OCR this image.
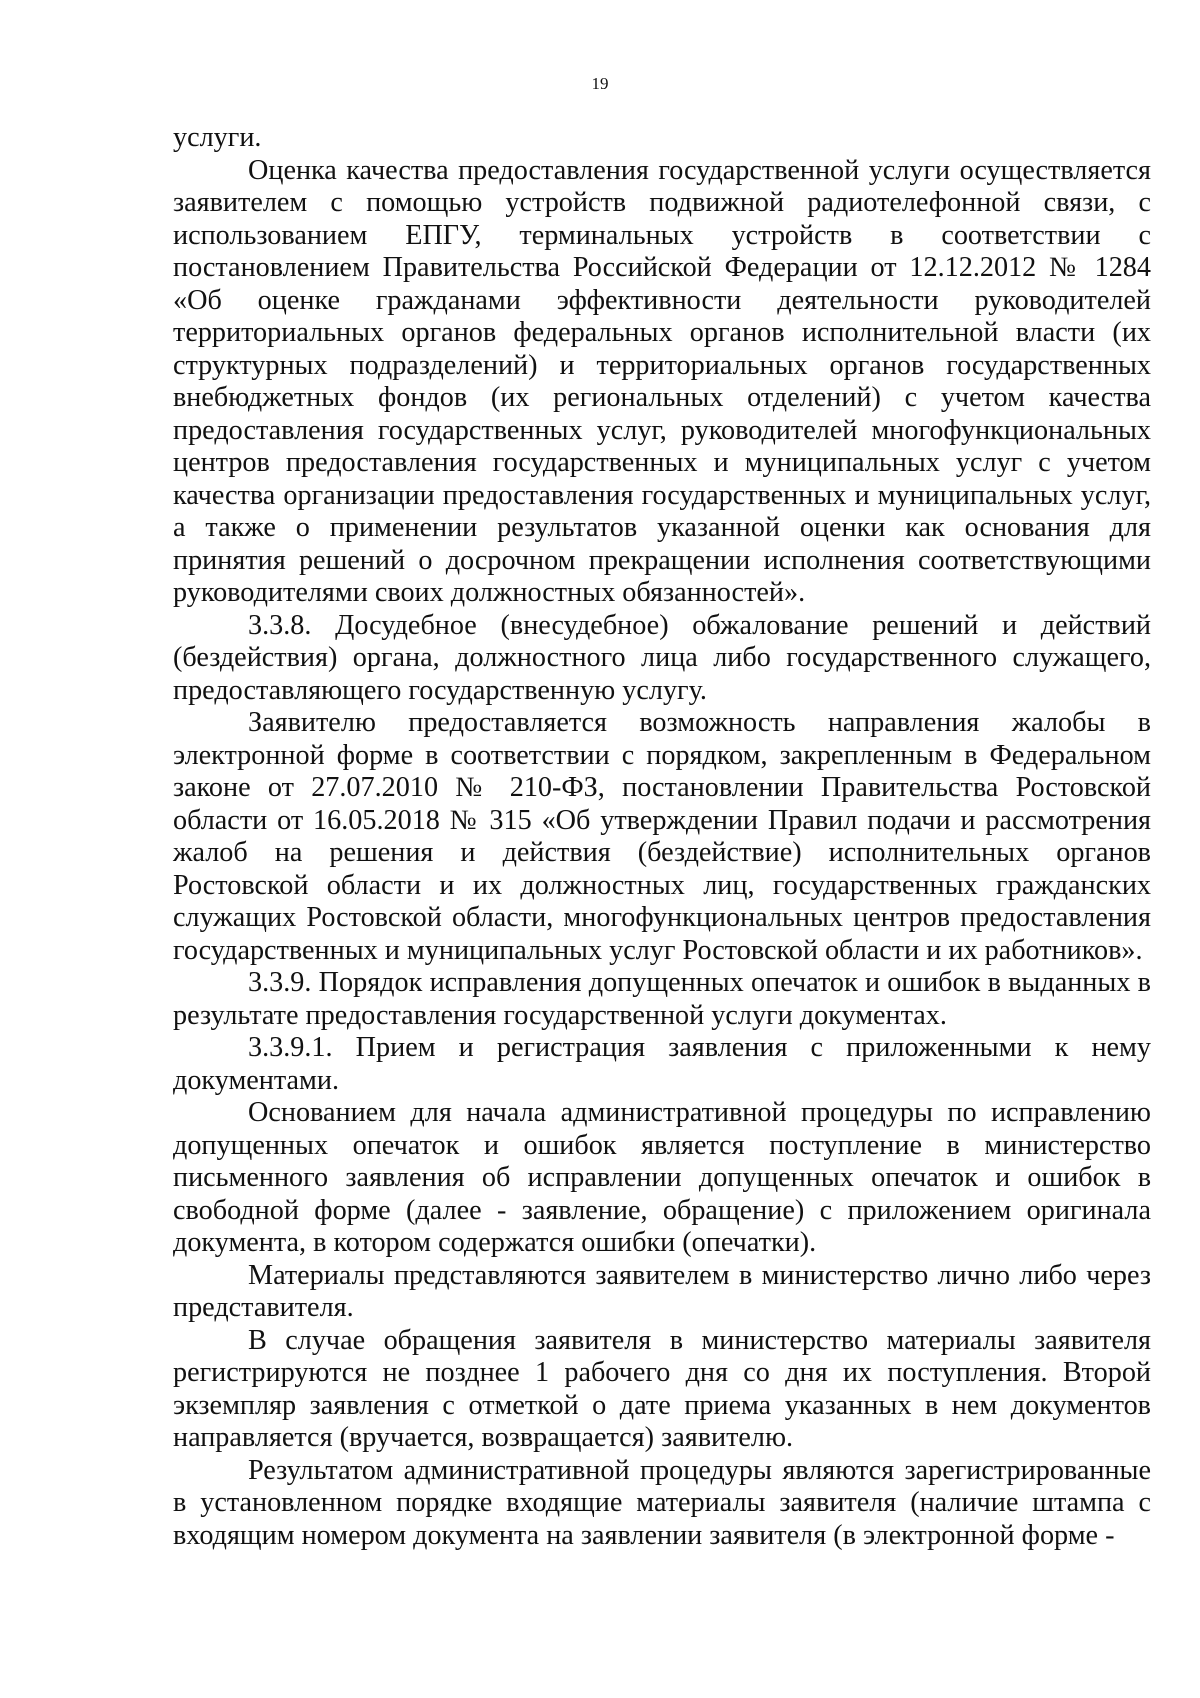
19

услуги.

Оценка качества предоставления государственной услуги осуществляется заявителем с помощью устройств подвижной радиотелефонной связи, с использованием ЕПГУ, терминальных устройств в соответствии с постановлением Правительства Российской Федерации от 12.12.2012 № 1284 «Об оценке гражданами эффективности деятельности руководителей территориальных органов федеральных органов исполнительной власти (их структурных подразделений) и территориальных органов государственных внебюджетных фондов (их региональных отделений) с учетом качества предоставления государственных услуг, руководителей многофункциональных центров предоставления государственных и муниципальных услуг с учетом качества организации предоставления государственных и муниципальных услуг, а также о применении результатов указанной оценки как основания для принятия решений о досрочном прекращении исполнения соответствующими руководителями своих должностных обязанностей».

3.3.8. Досудебное (внесудебное) обжалование решений и действий (бездействия) органа, должностного лица либо государственного служащего, предоставляющего государственную услугу.

Заявителю предоставляется возможность направления жалобы в электронной форме в соответствии с порядком, закрепленным в Федеральном законе от 27.07.2010 № 210-ФЗ, постановлении Правительства Ростовской области от 16.05.2018 № 315 «Об утверждении Правил подачи и рассмотрения жалоб на решения и действия (бездействие) исполнительных органов Ростовской области и их должностных лиц, государственных гражданских служащих Ростовской области, многофункциональных центров предоставления государственных и муниципальных услуг Ростовской области и их работников».

3.3.9. Порядок исправления допущенных опечаток и ошибок в выданных в результате предоставления государственной услуги документах.

3.3.9.1. Прием и регистрация заявления с приложенными к нему документами.

Основанием для начала административной процедуры по исправлению допущенных опечаток и ошибок является поступление в министерство письменного заявления об исправлении допущенных опечаток и ошибок в свободной форме (далее - заявление, обращение) с приложением оригинала документа, в котором содержатся ошибки (опечатки).

Материалы представляются заявителем в министерство лично либо через представителя.

В случае обращения заявителя в министерство материалы заявителя регистрируются не позднее 1 рабочего дня со дня их поступления. Второй экземпляр заявления с отметкой о дате приема указанных в нем документов направляется (вручается, возвращается) заявителю.

Результатом административной процедуры являются зарегистрированные в установленном порядке входящие материалы заявителя (наличие штампа с входящим номером документа на заявлении заявителя (в электронной форме -
